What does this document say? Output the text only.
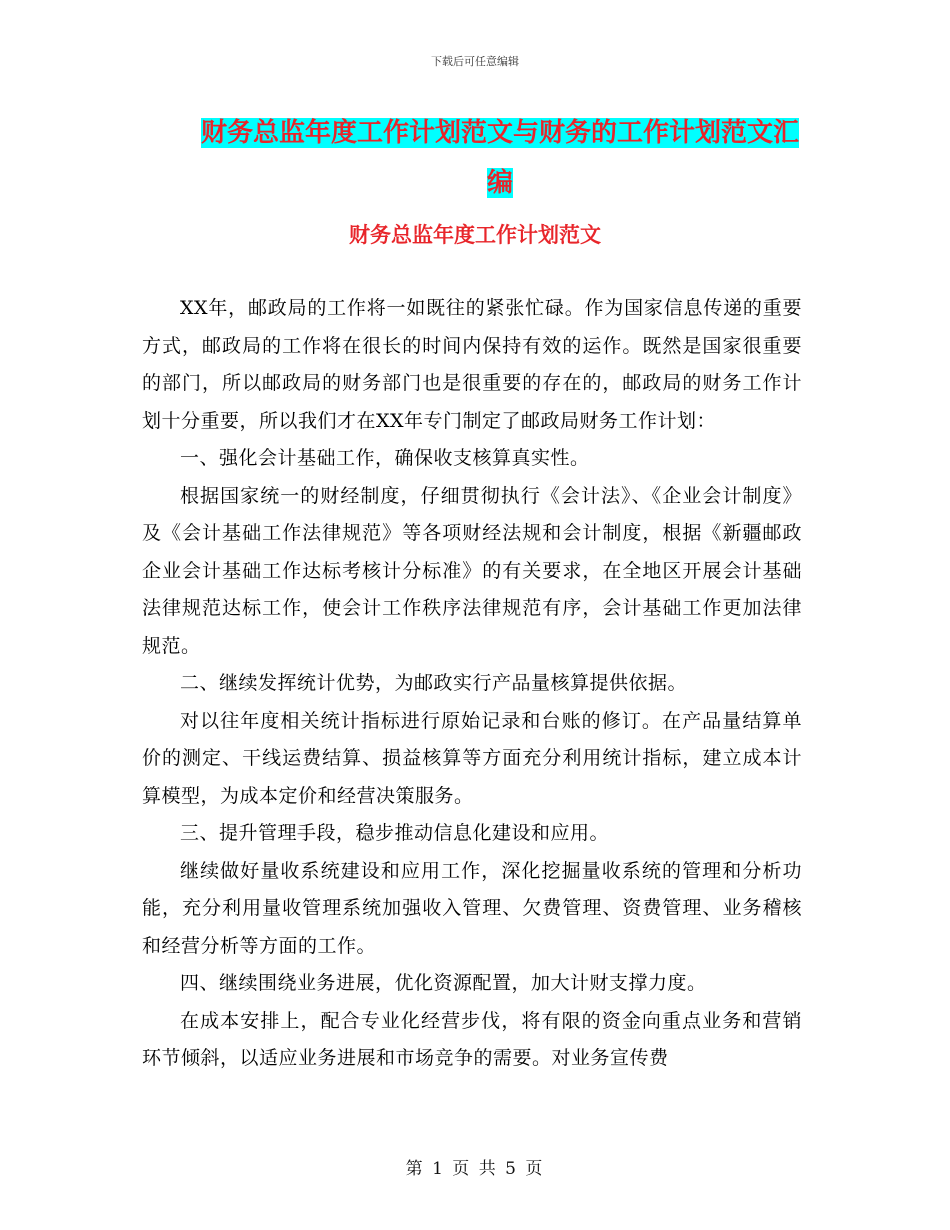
下载后可任意编辑
财务总监年度工作计划范文与财务的工作计划范文汇编
财务总监年度工作计划范文

XX年，邮政局的工作将一如既往的紧张忙碌。作为国家信息传递的重要方式，邮政局的工作将在很长的时间内保持有效的运作。既然是国家很重要的部门，所以邮政局的财务部门也是很重要的存在的，邮政局的财务工作计划十分重要，所以我们才在XX年专门制定了邮政局财务工作计划：

一、强化会计基础工作，确保收支核算真实性。

根据国家统一的财经制度，仔细贯彻执行《会计法》、《企业会计制度》及《会计基础工作法律规范》等各项财经法规和会计制度，根据《新疆邮政企业会计基础工作达标考核计分标准》的有关要求，在全地区开展会计基础法律规范达标工作，使会计工作秩序法律规范有序，会计基础工作更加法律规范。

二、继续发挥统计优势，为邮政实行产品量核算提供依据。

对以往年度相关统计指标进行原始记录和台账的修订。在产品量结算单价的测定、干线运费结算、损益核算等方面充分利用统计指标，建立成本计算模型，为成本定价和经营决策服务。

三、提升管理手段，稳步推动信息化建设和应用。

继续做好量收系统建设和应用工作，深化挖掘量收系统的管理和分析功能，充分利用量收管理系统加强收入管理、欠费管理、资费管理、业务稽核和经营分析等方面的工作。

四、继续围绕业务进展，优化资源配置，加大计财支撑力度。

在成本安排上，配合专业化经营步伐，将有限的资金向重点业务和营销环节倾斜，以适应业务进展和市场竞争的需要。对业务宣传费

第 1 页 共 5 页
